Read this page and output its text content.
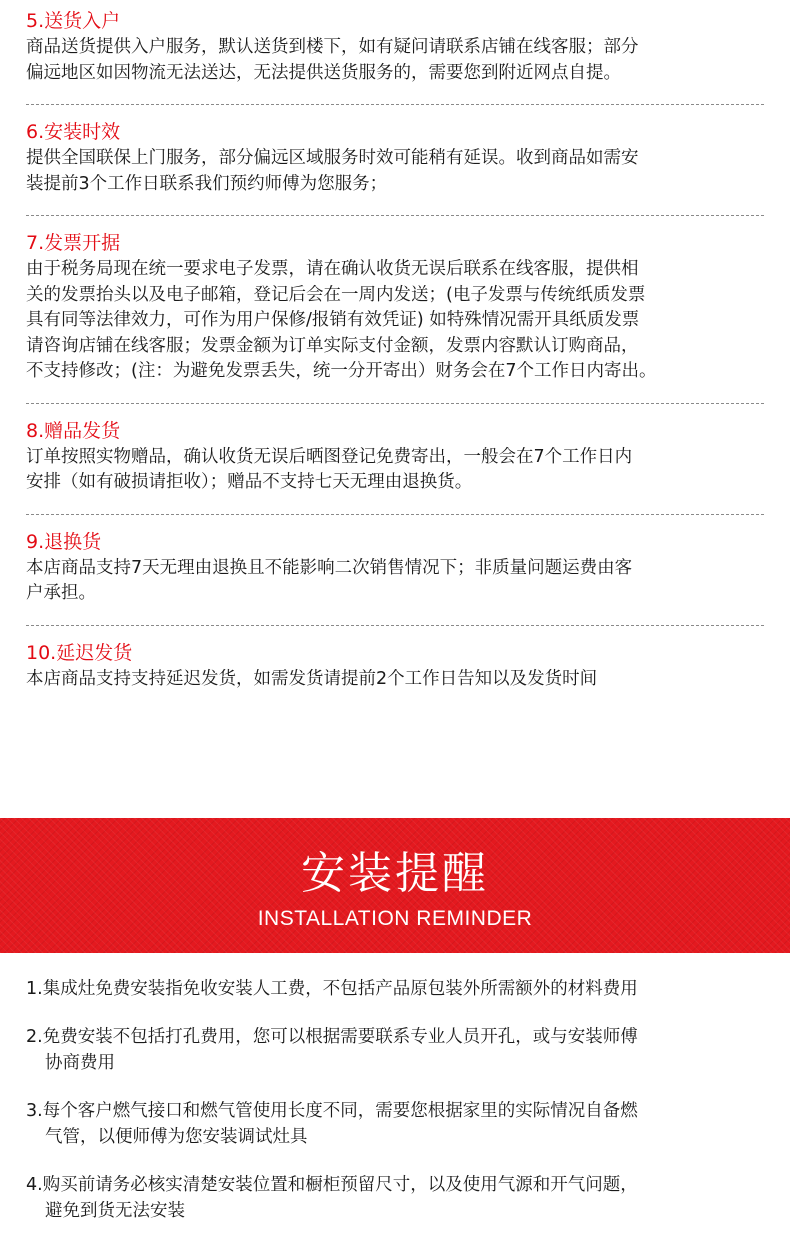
5.送货入户
商品送货提供入户服务，默认送货到楼下，如有疑问请联系店铺在线客服；部分
偏远地区如因物流无法送达，无法提供送货服务的，需要您到附近网点自提。
6.安装时效
提供全国联保上门服务，部分偏远区域服务时效可能稍有延误。收到商品如需安
装提前3个工作日联系我们预约师傅为您服务；
7.发票开据
由于税务局现在统一要求电子发票，请在确认收货无误后联系在线客服，提供相
关的发票抬头以及电子邮箱，登记后会在一周内发送；(电子发票与传统纸质发票
具有同等法律效力，可作为用户保修/报销有效凭证) 如特殊情况需开具纸质发票
请咨询店铺在线客服；发票金额为订单实际支付金额，发票内容默认订购商品，
不支持修改；(注：为避免发票丢失，统一分开寄出）财务会在7个工作日内寄出。
8.赠品发货
订单按照实物赠品，确认收货无误后晒图登记免费寄出，一般会在7个工作日内
安排（如有破损请拒收）；赠品不支持七天无理由退换货。
9.退换货
本店商品支持7天无理由退换且不能影响二次销售情况下；非质量问题运费由客
户承担。
10.延迟发货
本店商品支持支持延迟发货，如需发货请提前2个工作日告知以及发货时间
安装提醒
INSTALLATION REMINDER
1.集成灶免费安装指免收安装人工费，不包括产品原包装外所需额外的材料费用
2.免费安装不包括打孔费用，您可以根据需要联系专业人员开孔，或与安装师傅
协商费用
3.每个客户燃气接口和燃气管使用长度不同，需要您根据家里的实际情况自备燃
气管，以便师傅为您安装调试灶具
4.购买前请务必核实清楚安装位置和橱柜预留尺寸，以及使用气源和开气问题，
避免到货无法安装
